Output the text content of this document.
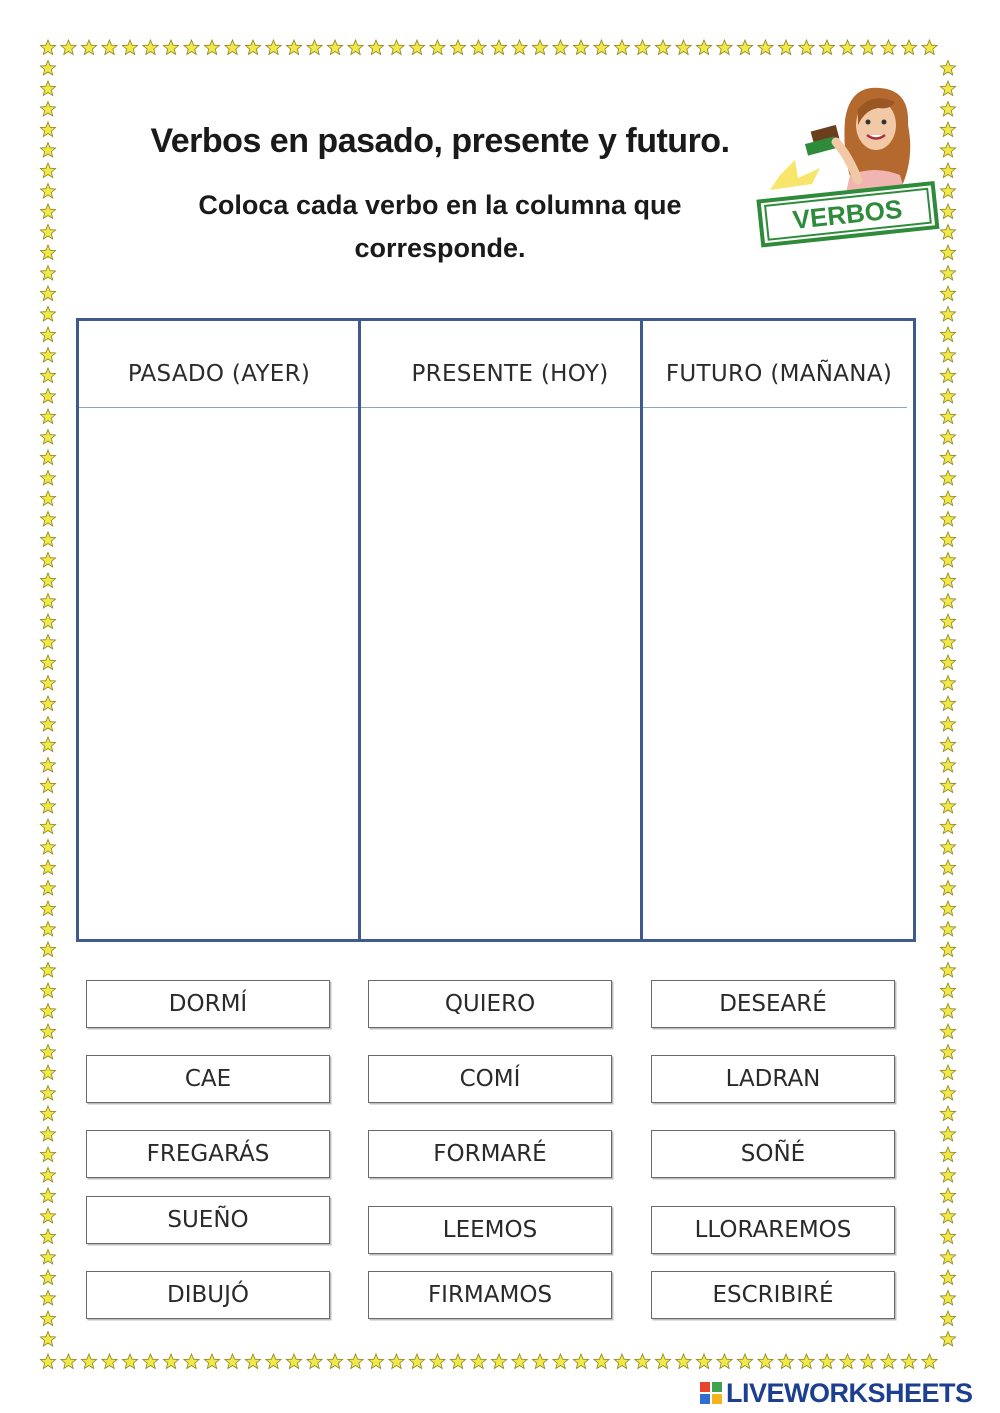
Verbos en pasado, presente y futuro.
Coloca cada verbo en la columna que corresponde.
VERBOS
PASADO (AYER)	PRESENTE (HOY)	FUTURO (MAÑANA)
DORMÍ	QUIERO	DESEARÉ
CAE	COMÍ	LADRAN
FREGARÁS	FORMARÉ	SOÑÉ
SUEÑO	LEEMOS	LLORAREMOS
DIBUJÓ	FIRMAMOS	ESCRIBIRÉ
LIVEWORKSHEETS
